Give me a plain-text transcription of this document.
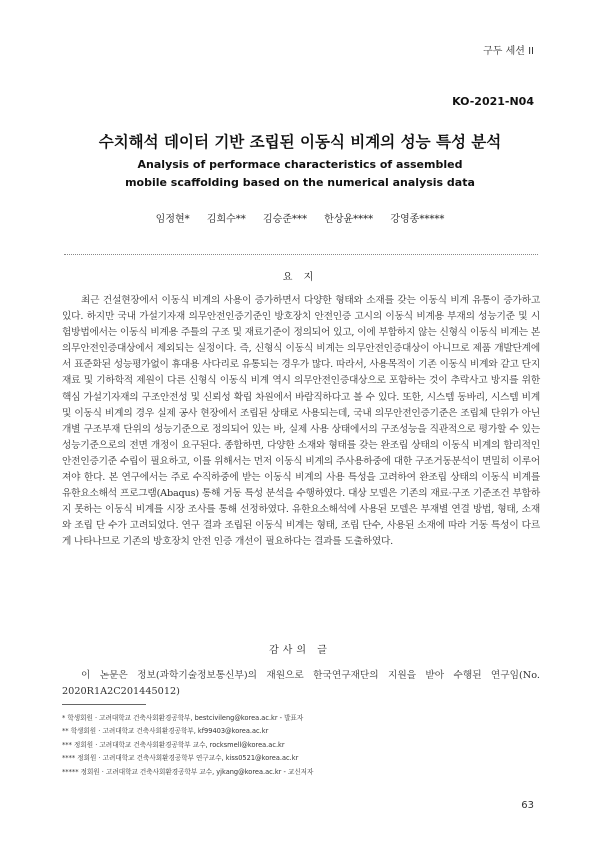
구두 세션 II
KO-2021-N04
수치해석 데이터 기반 조립된 이동식 비계의 성능 특성 분석
Analysis of performace characteristics of assembled
mobile scaffolding based on the numerical analysis data
임정현* 김희수** 김승준*** 한상윤**** 강영종*****
요 지

최근 건설현장에서 이동식 비계의 사용이 증가하면서 다양한 형태와 소재를 갖는 이동식 비계 유통이 증가하고 있다. 하지만 국내 가설기자재 의무안전인증기준인 방호장치 안전인증 고시의 이동식 비계용 부재의 성능기준 및 시험방법에서는 이동식 비계용 주틀의 구조 및 재료기준이 정의되어 있고, 이에 부합하지 않는 신형식 이동식 비계는 본 의무안전인증대상에서 제외되는 실정이다. 즉, 신형식 이동식 비계는 의무안전인증대상이 아니므로 제품 개발단계에서 표준화된 성능평가없이 휴대용 사다리로 유통되는 경우가 많다. 따라서, 사용목적이 기존 이동식 비계와 같고 단지 재료 및 기하학적 제원이 다른 신형식 이동식 비계 역시 의무안전인증대상으로 포함하는 것이 추락사고 방지를 위한 핵심 가설기자재의 구조안전성 및 신뢰성 확립 차원에서 바람직하다고 볼 수 있다. 또한, 시스템 동바리, 시스템 비계 및 이동식 비계의 경우 실제 공사 현장에서 조립된 상태로 사용되는데, 국내 의무안전인증기준은 조립체 단위가 아닌 개별 구조부재 단위의 성능기준으로 정의되어 있는 바, 실제 사용 상태에서의 구조성능을 직관적으로 평가할 수 있는 성능기준으로의 전면 개정이 요구된다. 종합하면, 다양한 소재와 형태를 갖는 완조립 상태의 이동식 비계의 합리적인 안전인증기준 수립이 필요하고, 이를 위해서는 먼저 이동식 비계의 주사용하중에 대한 구조거동분석이 면밀히 이루어져야 한다. 본 연구에서는 주로 수직하중에 받는 이동식 비계의 사용 특성을 고려하여 완조립 상태의 이동식 비계를 유한요소해석 프로그램(Abaqus) 통해 거동 특성 분석을 수행하였다. 대상 모델은 기존의 재료·구조 기준조건 부합하지 못하는 이동식 비계를 시장 조사를 통해 선정하였다. 유한요소해석에 사용된 모델은 부재별 연결 방법, 형태, 소재와 조립 단 수가 고려되었다. 연구 결과 조립된 이동식 비계는 형태, 조립 단수, 사용된 소재에 따라 거동 특성이 다르게 나타나므로 기존의 방호장치 안전 인증 개선이 필요하다는 결과를 도출하였다.

감사의 글

이 논문은 정보(과학기술정보통신부)의 재원으로 한국연구재단의 지원을 받아 수행된 연구임(No. 2020R1A2C201445012)

* 학생회원 · 고려대학교 건축사회환경공학부, bestcivileng@korea.ac.kr - 발표자
** 학생회원 · 고려대학교 건축사회환경공학부, kf99403@korea.ac.kr
*** 정회원 · 고려대학교 건축사회환경공학부 교수, rocksmell@korea.ac.kr
**** 정회원 · 고려대학교 건축사회환경공학부 연구교수, kiss0521@korea.ac.kr
***** 정회원 · 고려대학교 건축사회환경공학부 교수, yjkang@korea.ac.kr - 교신저자
63
